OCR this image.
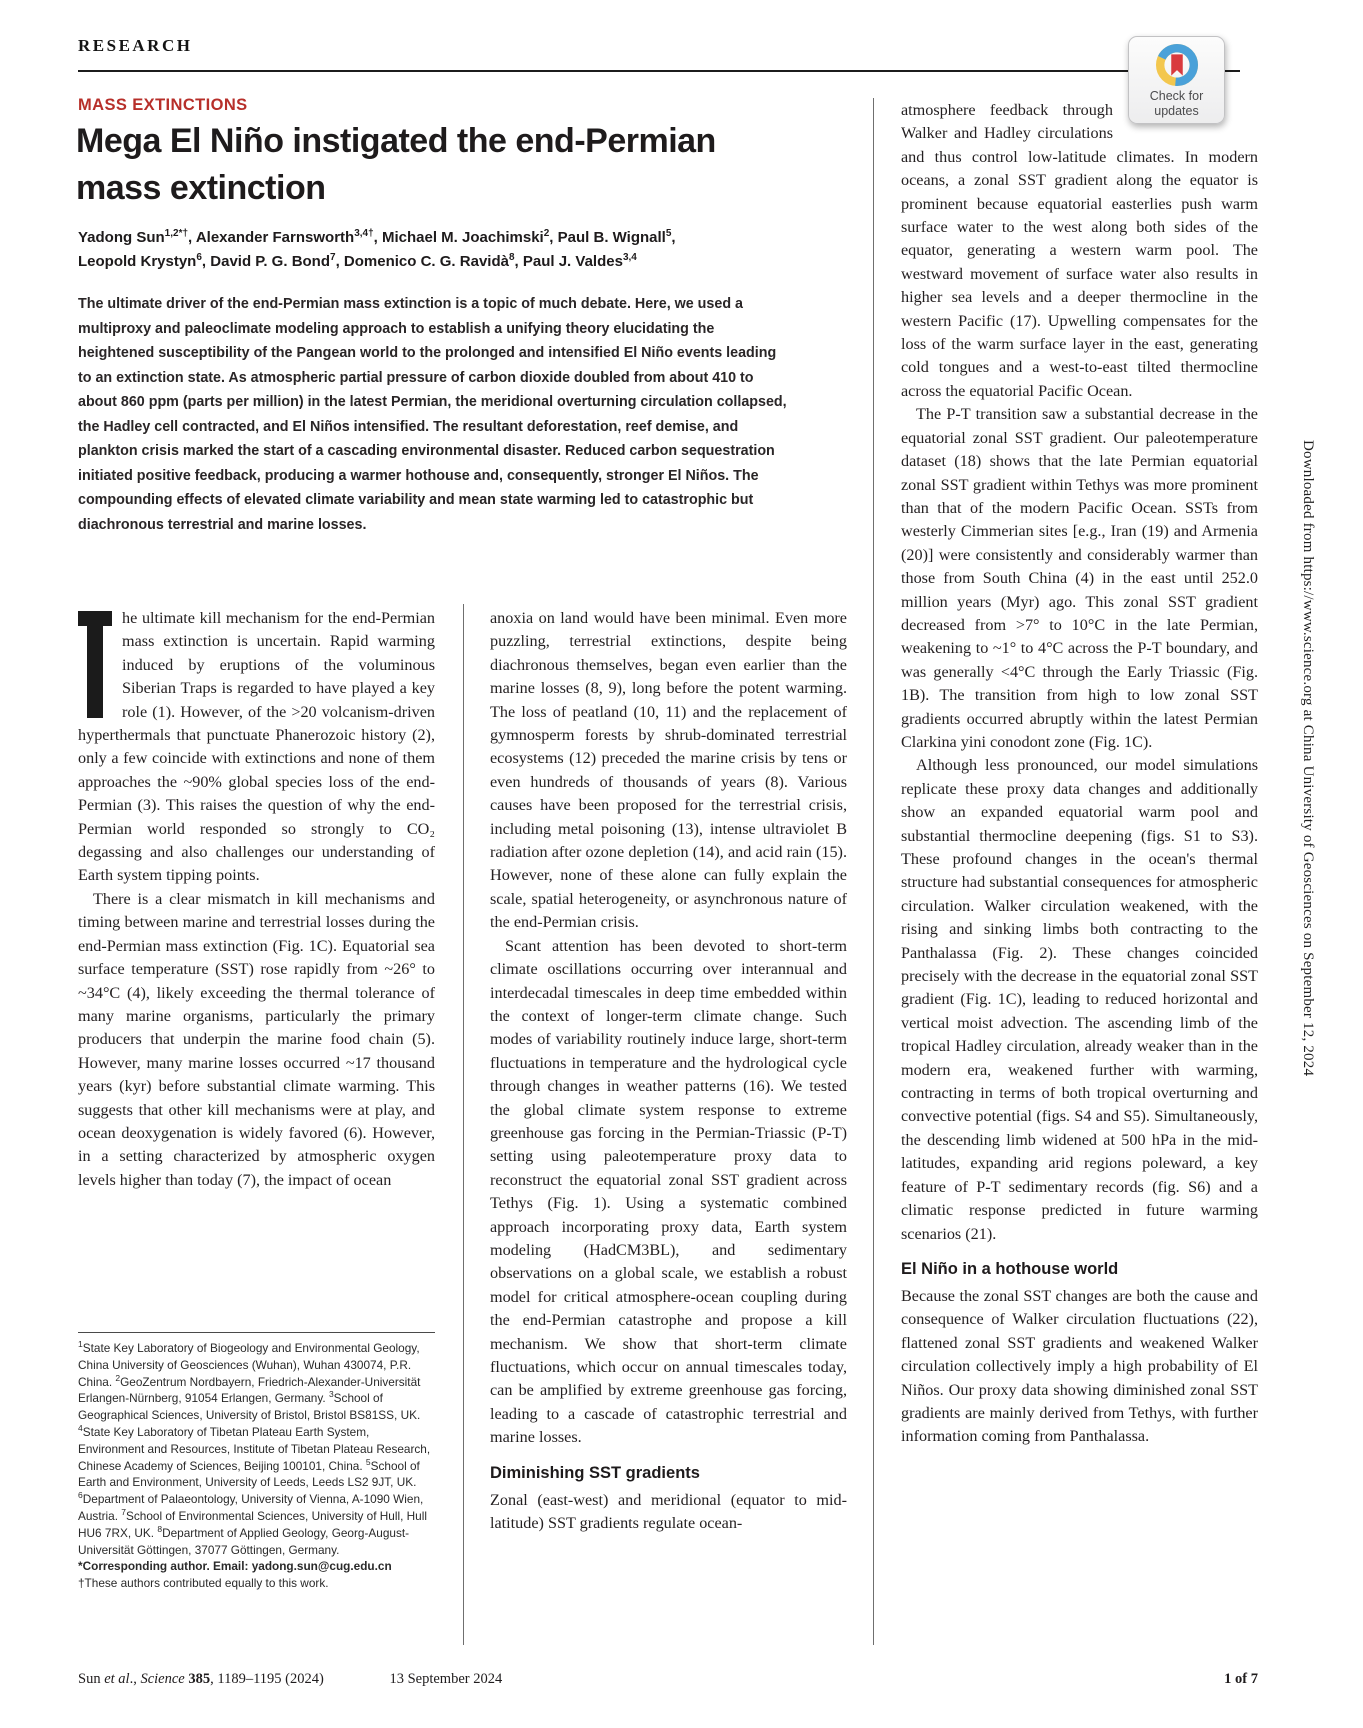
RESEARCH
Check for
updates
MASS EXTINCTIONS
Mega El Niño instigated the end-Permian
mass extinction
Yadong Sun$^{1,2*\dagger}$, Alexander Farnsworth$^{3,4\dagger}$, Michael M. Joachimski$^2$, Paul B. Wignall$^5$,
Leopold Krystyn$^6$, David P. G. Bond$^7$, Domenico C. G. Ravidà$^8$, Paul J. Valdes$^{3,4}$
The ultimate driver of the end-Permian mass extinction is a topic of much debate. Here, we used a multiproxy and paleoclimate modeling approach to establish a unifying theory elucidating the heightened susceptibility of the Pangean world to the prolonged and intensified El Niño events leading to an extinction state. As atmospheric partial pressure of carbon dioxide doubled from about 410 to about 860 ppm (parts per million) in the latest Permian, the meridional overturning circulation collapsed, the Hadley cell contracted, and El Niños intensified. The resultant deforestation, reef demise, and plankton crisis marked the start of a cascading environmental disaster. Reduced carbon sequestration initiated positive feedback, producing a warmer hothouse and, consequently, stronger El Niños. The compounding effects of elevated climate variability and mean state warming led to catastrophic but diachronous terrestrial and marine losses.

he ultimate kill mechanism for the end-Permian mass extinction is uncertain. Rapid warming induced by eruptions of the voluminous Siberian Traps is regarded to have played a key role (1). However, of the >20 volcanism-driven hyperthermals that punctuate Phanerozoic history (2), only a few coincide with extinctions and none of them approaches the ~90% global species loss of the end-Permian (3). This raises the question of why the end-Permian world responded so strongly to CO₂ degassing and also challenges our understanding of Earth system tipping points.

There is a clear mismatch in kill mechanisms and timing between marine and terrestrial losses during the end-Permian mass extinction (Fig. 1C). Equatorial sea surface temperature (SST) rose rapidly from ~26° to ~34°C (4), likely exceeding the thermal tolerance of many marine organisms, particularly the primary producers that underpin the marine food chain (5). However, many marine losses occurred ~17 thousand years (kyr) before substantial climate warming. This suggests that other kill mechanisms were at play, and ocean deoxygenation is widely favored (6). However, in a setting characterized by atmospheric oxygen levels higher than today (7), the impact of ocean

anoxia on land would have been minimal. Even more puzzling, terrestrial extinctions, despite being diachronous themselves, began even earlier than the marine losses (8, 9), long before the potent warming. The loss of peatland (10, 11) and the replacement of gymnosperm forests by shrub-dominated terrestrial ecosystems (12) preceded the marine crisis by tens or even hundreds of thousands of years (8). Various causes have been proposed for the terrestrial crisis, including metal poisoning (13), intense ultraviolet B radiation after ozone depletion (14), and acid rain (15). However, none of these alone can fully explain the scale, spatial heterogeneity, or asynchronous nature of the end-Permian crisis.

Scant attention has been devoted to short-term climate oscillations occurring over interannual and interdecadal timescales in deep time embedded within the context of longer-term climate change. Such modes of variability routinely induce large, short-term fluctuations in temperature and the hydrological cycle through changes in weather patterns (16). We tested the global climate system response to extreme greenhouse gas forcing in the Permian-Triassic (P-T) setting using paleotemperature proxy data to reconstruct the equatorial zonal SST gradient across Tethys (Fig. 1). Using a systematic combined approach incorporating proxy data, Earth system modeling (HadCM3BL), and sedimentary observations on a global scale, we establish a robust model for critical atmosphere-ocean coupling during the end-Permian catastrophe and propose a kill mechanism. We show that short-term climate fluctuations, which occur on annual timescales today, can be amplified by extreme greenhouse gas forcing, leading to a cascade of catastrophic terrestrial and marine losses.

Diminishing SST gradients

Zonal (east-west) and meridional (equator to mid-latitude) SST gradients regulate ocean-

atmosphere feedback through Walker and Hadley circulations and thus control low-latitude climates. In modern oceans, a zonal SST gradient along the equator is prominent because equatorial easterlies push warm surface water to the west along both sides of the equator, generating a western warm pool. The westward movement of surface water also results in higher sea levels and a deeper thermocline in the western Pacific (17). Upwelling compensates for the loss of the warm surface layer in the east, generating cold tongues and a west-to-east tilted thermocline across the equatorial Pacific Ocean.

The P-T transition saw a substantial decrease in the equatorial zonal SST gradient. Our paleotemperature dataset (18) shows that the late Permian equatorial zonal SST gradient within Tethys was more prominent than that of the modern Pacific Ocean. SSTs from westerly Cimmerian sites [e.g., Iran (19) and Armenia (20)] were consistently and considerably warmer than those from South China (4) in the east until 252.0 million years (Myr) ago. This zonal SST gradient decreased from >7° to 10°C in the late Permian, weakening to ~1° to 4°C across the P-T boundary, and was generally <4°C through the Early Triassic (Fig. 1B). The transition from high to low zonal SST gradients occurred abruptly within the latest Permian Clarkina yini conodont zone (Fig. 1C).

Although less pronounced, our model simulations replicate these proxy data changes and additionally show an expanded equatorial warm pool and substantial thermocline deepening (figs. S1 to S3). These profound changes in the ocean's thermal structure had substantial consequences for atmospheric circulation. Walker circulation weakened, with the rising and sinking limbs both contracting to the Panthalassa (Fig. 2). These changes coincided precisely with the decrease in the equatorial zonal SST gradient (Fig. 1C), leading to reduced horizontal and vertical moist advection. The ascending limb of the tropical Hadley circulation, already weaker than in the modern era, weakened further with warming, contracting in terms of both tropical overturning and convective potential (figs. S4 and S5). Simultaneously, the descending limb widened at 500 hPa in the mid-latitudes, expanding arid regions poleward, a key feature of P-T sedimentary records (fig. S6) and a climatic response predicted in future warming scenarios (21).

El Niño in a hothouse world

Because the zonal SST changes are both the cause and consequence of Walker circulation fluctuations (22), flattened zonal SST gradients and weakened Walker circulation collectively imply a high probability of El Niños. Our proxy data showing diminished zonal SST gradients are mainly derived from Tethys, with further information coming from Panthalassa.

$^1$State Key Laboratory of Biogeology and Environmental Geology, China University of Geosciences (Wuhan), Wuhan 430074, P.R. China. $^2$GeoZentrum Nordbayern, Friedrich-Alexander-Universität Erlangen-Nürnberg, 91054 Erlangen, Germany. $^3$School of Geographical Sciences, University of Bristol, Bristol BS81SS, UK. $^4$State Key Laboratory of Tibetan Plateau Earth System, Environment and Resources, Institute of Tibetan Plateau Research, Chinese Academy of Sciences, Beijing 100101, China. $^5$School of Earth and Environment, University of Leeds, Leeds LS2 9JT, UK. $^6$Department of Palaeontology, University of Vienna, A-1090 Wien, Austria. $^7$School of Environmental Sciences, University of Hull, Hull HU6 7RX, UK. $^8$Department of Applied Geology, Georg-August-Universität Göttingen, 37077 Göttingen, Germany.

*Corresponding author. Email: yadong.sun@cug.edu.cn

†These authors contributed equally to this work.

1 of 7
Sun et al., Science 385, 1189–1195 (2024)	13 September 2024
Downloaded from https://www.science.org at China University of Geosciences on September 12, 2024
